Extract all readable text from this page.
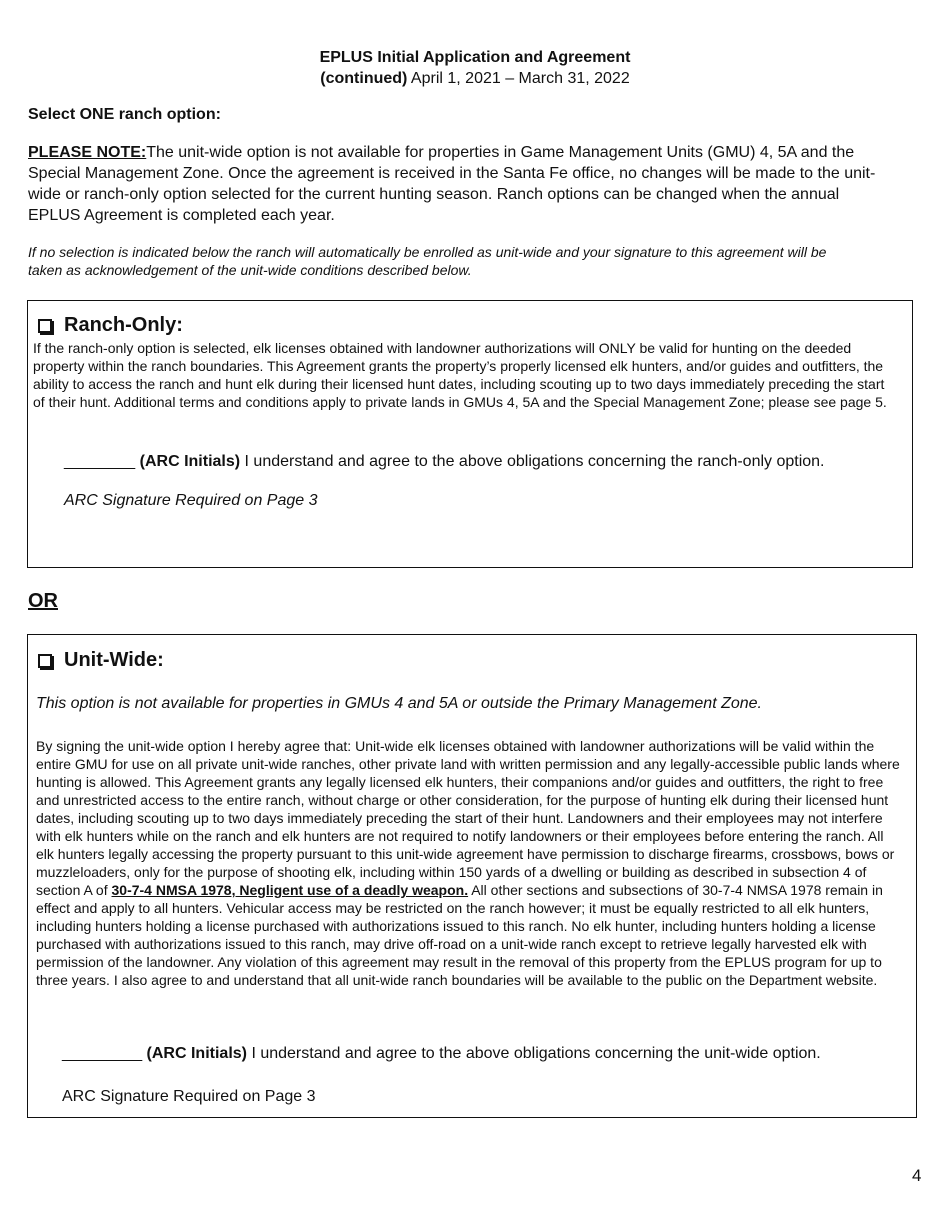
EPLUS Initial Application and Agreement
(continued) April 1, 2021 – March 31, 2022
Select ONE ranch option:
PLEASE NOTE:The unit-wide option is not available for properties in Game Management Units (GMU) 4, 5A and the Special Management Zone. Once the agreement is received in the Santa Fe office, no changes will be made to the unit-wide or ranch-only option selected for the current hunting season. Ranch options can be changed when the annual EPLUS Agreement is completed each year.
If no selection is indicated below the ranch will automatically be enrolled as unit-wide and your signature to this agreement will be taken as acknowledgement of the unit-wide conditions described below.
Ranch-Only:
If the ranch-only option is selected, elk licenses obtained with landowner authorizations will ONLY be valid for hunting on the deeded property within the ranch boundaries. This Agreement grants the property’s properly licensed elk hunters, and/or guides and outfitters, the ability to access the ranch and hunt elk during their licensed hunt dates, including scouting up to two days immediately preceding the start of their hunt. Additional terms and conditions apply to private lands in GMUs 4, 5A and the Special Management Zone; please see page 5.
________ (ARC Initials) I understand and agree to the above obligations concerning the ranch-only option.
ARC Signature Required on Page 3
OR
Unit-Wide:
This option is not available for properties in GMUs 4 and 5A or outside the Primary Management Zone.
By signing the unit-wide option I hereby agree that: Unit-wide elk licenses obtained with landowner authorizations will be valid within the entire GMU for use on all private unit-wide ranches, other private land with written permission and any legally-accessible public lands where hunting is allowed. This Agreement grants any legally licensed elk hunters, their companions and/or guides and outfitters, the right to free and unrestricted access to the entire ranch, without charge or other consideration, for the purpose of hunting elk during their licensed hunt dates, including scouting up to two days immediately preceding the start of their hunt. Landowners and their employees may not interfere with elk hunters while on the ranch and elk hunters are not required to notify landowners or their employees before entering the ranch. All elk hunters legally accessing the property pursuant to this unit-wide agreement have permission to discharge firearms, crossbows, bows or muzzleloaders, only for the purpose of shooting elk, including within 150 yards of a dwelling or building as described in subsection 4 of section A of 30-7-4 NMSA 1978, Negligent use of a deadly weapon. All other sections and subsections of 30-7-4 NMSA 1978 remain in effect and apply to all hunters. Vehicular access may be restricted on the ranch however; it must be equally restricted to all elk hunters, including hunters holding a license purchased with authorizations issued to this ranch. No elk hunter, including hunters holding a license purchased with authorizations issued to this ranch, may drive off-road on a unit-wide ranch except to retrieve legally harvested elk with permission of the landowner. Any violation of this agreement may result in the removal of this property from the EPLUS program for up to three years. I also agree to and understand that all unit-wide ranch boundaries will be available to the public on the Department website.
_________ (ARC Initials) I understand and agree to the above obligations concerning the unit-wide option.
ARC Signature Required on Page 3
4
